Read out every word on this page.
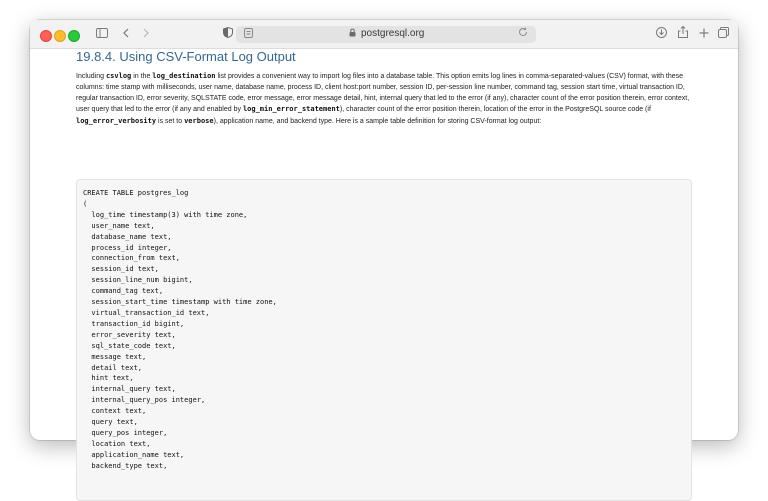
postgresql.org
19.8.4. Using CSV-Format Log Output

Including csvlog in the log_destination list provides a convenient way to import log files into a database table. This option emits log lines in comma-separated-values (CSV) format, with these columns: time stamp with milliseconds, user name, database name, process ID, client host:port number, session ID, per-session line number, command tag, session start time, virtual transaction ID, regular transaction ID, error severity, SQLSTATE code, error message, error message detail, hint, internal query that led to the error (if any), character count of the error position therein, error context, user query that led to the error (if any and enabled by log_min_error_statement), character count of the error position therein, location of the error in the PostgreSQL source code (if log_error_verbosity is set to verbose), application name, and backend type. Here is a sample table definition for storing CSV-format log output:

CREATE TABLE postgres_log
(
log_time timestamp(3) with time zone,
user_name text,
database_name text,
process_id integer,
connection_from text,
session_id text,
session_line_num bigint,
command_tag text,
session_start_time timestamp with time zone,
virtual_transaction_id text,
transaction_id bigint,
error_severity text,
sql_state_code text,
message text,
detail text,
hint text,
internal_query text,
internal_query_pos integer,
context text,
query text,
query_pos integer,
location text,
application_name text,
backend_type text,
